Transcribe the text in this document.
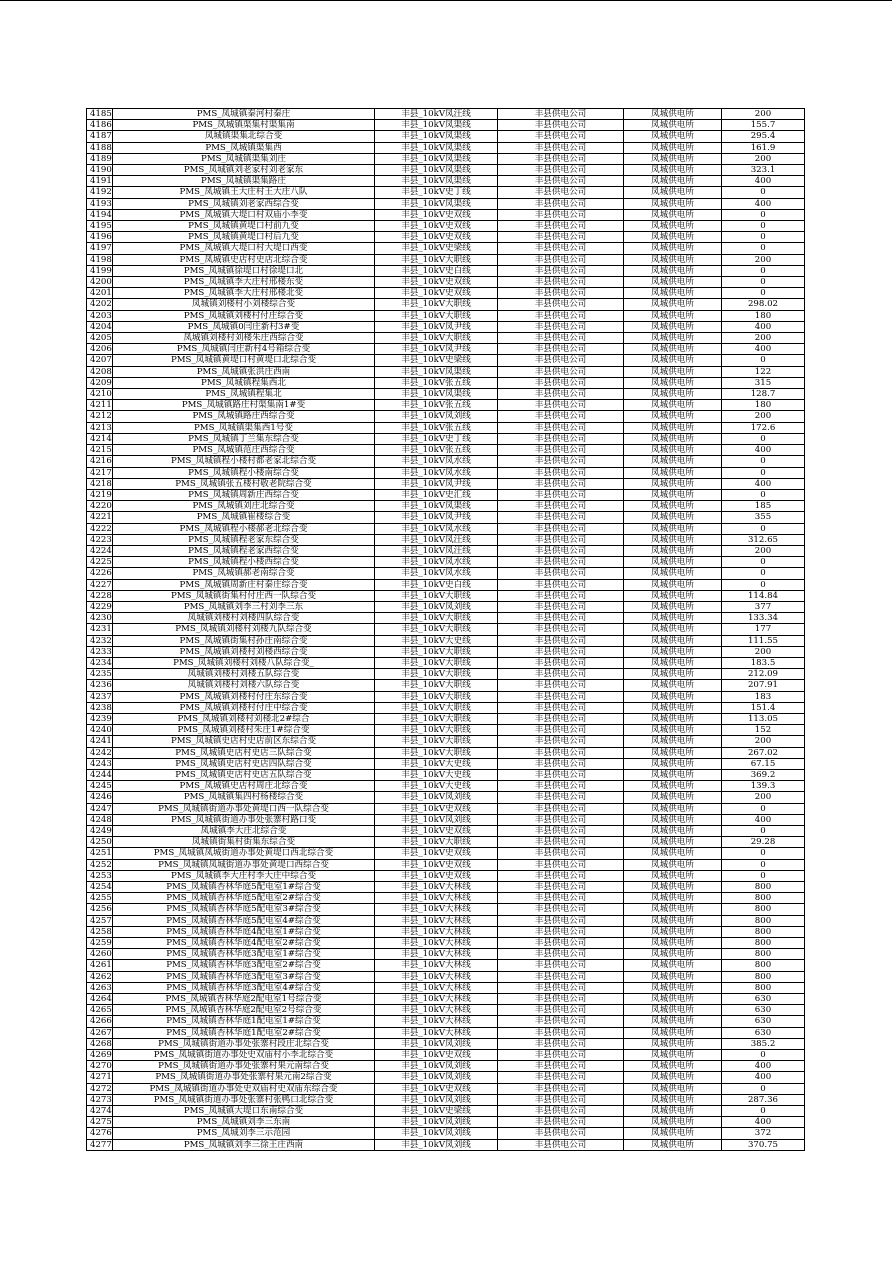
4185	PMS_凤城镇秦河村秦庄	丰县_10kV凤汪线	丰县供电公司	凤城供电所	200
4186	PMS_凤城镇渠集村渠集南	丰县_10kV凤渠线	丰县供电公司	凤城供电所	155.7
4187	凤城镇渠集北综合变	丰县_10kV凤渠线	丰县供电公司	凤城供电所	295.4
4188	PMS_凤城镇渠集西	丰县_10kV凤渠线	丰县供电公司	凤城供电所	161.9
4189	PMS_凤城镇渠集刘庄	丰县_10kV凤渠线	丰县供电公司	凤城供电所	200
4190	PMS_凤城镇刘老家村刘老家东	丰县_10kV凤渠线	丰县供电公司	凤城供电所	323.1
4191	PMS_凤城镇渠集路庄	丰县_10kV凤渠线	丰县供电公司	凤城供电所	400
4192	PMS_凤城镇王大庄村王大庄八队	丰县_10kV史丁线	丰县供电公司	凤城供电所	0
4193	PMS_凤城镇刘老家西综合变	丰县_10kV凤渠线	丰县供电公司	凤城供电所	400
4194	PMS_凤城镇大堤口村双庙小李变	丰县_10kV史双线	丰县供电公司	凤城供电所	0
4195	PMS_凤城镇黄堤口村前九变	丰县_10kV史双线	丰县供电公司	凤城供电所	0
4196	PMS_凤城镇黄堤口村后九变	丰县_10kV史双线	丰县供电公司	凤城供电所	0
4197	PMS_凤城镇大堤口村大堤口西变	丰县_10kV史梁线	丰县供电公司	凤城供电所	0
4198	PMS_凤城镇史店村史店北综合变	丰县_10kV大职线	丰县供电公司	凤城供电所	200
4199	PMS_凤城镇徐堤口村徐堤口北	丰县_10kV史白线	丰县供电公司	凤城供电所	0
4200	PMS_凤城镇李大庄村邢楼东变	丰县_10kV史双线	丰县供电公司	凤城供电所	0
4201	PMS_凤城镇李大庄村邢楼北变	丰县_10kV史双线	丰县供电公司	凤城供电所	0
4202	凤城镇刘楼村小刘楼综合变	丰县_10kV大职线	丰县供电公司	凤城供电所	298.02
4203	PMS_凤城镇刘楼村付庄综合变	丰县_10kV大职线	丰县供电公司	凤城供电所	180
4204	PMS_凤城镇0闫庄新村3#变	丰县_10kV凤尹线	丰县供电公司	凤城供电所	400
4205	凤城镇刘楼村刘楼朱庄西综合变	丰县_10kV大职线	丰县供电公司	凤城供电所	200
4206	PMS_凤城镇闫庄新村4号箱综合变	丰县_10kV凤尹线	丰县供电公司	凤城供电所	400
4207	PMS_凤城镇黄堤口村黄堤口北综合变	丰县_10kV史梁线	丰县供电公司	凤城供电所	0
4208	PMS_凤城镇张洪庄西南	丰县_10kV凤渠线	丰县供电公司	凤城供电所	122
4209	PMS_凤城镇程集西北	丰县_10kV张五线	丰县供电公司	凤城供电所	315
4210	PMS_凤城镇程集北	丰县_10kV凤渠线	丰县供电公司	凤城供电所	128.7
4211	PMS_凤城镇路庄村渠集南1#变	丰县_10kV张五线	丰县供电公司	凤城供电所	180
4212	PMS_凤城镇路庄西综合变	丰县_10kV凤刘线	丰县供电公司	凤城供电所	200
4213	PMS_凤城镇渠集西1号变	丰县_10kV张五线	丰县供电公司	凤城供电所	172.6
4214	PMS_凤城镇丁兰集东综合变	丰县_10kV史丁线	丰县供电公司	凤城供电所	0
4215	PMS_凤城镇范庄西综合变	丰县_10kV张五线	丰县供电公司	凤城供电所	400
4216	PMS_凤城镇程小楼村都老家北综合变	丰县_10kV凤水线	丰县供电公司	凤城供电所	0
4217	PMS_凤城镇程小楼南综合变	丰县_10kV凤水线	丰县供电公司	凤城供电所	0
4218	PMS_凤城镇张五楼村敬老院综合变	丰县_10kV凤尹线	丰县供电公司	凤城供电所	400
4219	PMS_凤城镇周新庄西综合变	丰县_10kV史汇线	丰县供电公司	凤城供电所	0
4220	PMS_凤城镇刘庄北综合变	丰县_10kV凤渠线	丰县供电公司	凤城供电所	185
4221	PMS_凤城镇崔楼综合变	丰县_10kV凤尹线	丰县供电公司	凤城供电所	355
4222	PMS_凤城镇程小楼郝老北综合变	丰县_10kV凤水线	丰县供电公司	凤城供电所	0
4223	PMS_凤城镇程老家东综合变	丰县_10kV凤汪线	丰县供电公司	凤城供电所	312.65
4224	PMS_凤城镇程老家西综合变	丰县_10kV凤汪线	丰县供电公司	凤城供电所	200
4225	PMS_凤城镇程小楼西综合变	丰县_10kV凤水线	丰县供电公司	凤城供电所	0
4226	PMS_凤城镇郝老南综合变	丰县_10kV凤水线	丰县供电公司	凤城供电所	0
4227	PMS_凤城镇周新庄村秦庄综合变	丰县_10kV史白线	丰县供电公司	凤城供电所	0
4228	PMS_凤城镇街集村付庄西一队综合变	丰县_10kV大职线	丰县供电公司	凤城供电所	114.84
4229	PMS_凤城镇刘李三村刘李三东	丰县_10kV凤刘线	丰县供电公司	凤城供电所	377
4230	凤城镇刘楼村刘楼四队综合变	丰县_10kV大职线	丰县供电公司	凤城供电所	133.34
4231	PMS_凤城镇刘楼村刘楼九队综合变	丰县_10kV大职线	丰县供电公司	凤城供电所	177
4232	PMS_凤城镇街集村孙庄南综合变	丰县_10kV大史线	丰县供电公司	凤城供电所	111.55
4233	PMS_凤城镇刘楼村刘楼西综合变	丰县_10kV大职线	丰县供电公司	凤城供电所	200
4234	PMS_凤城镇刘楼村刘楼八队综合变_	丰县_10kV大职线	丰县供电公司	凤城供电所	183.5
4235	凤城镇刘楼村刘楼五队综合变	丰县_10kV大职线	丰县供电公司	凤城供电所	212.09
4236	凤城镇刘楼村刘楼六队综合变	丰县_10kV大职线	丰县供电公司	凤城供电所	207.91
4237	PMS_凤城镇刘楼村付庄东综合变	丰县_10kV大职线	丰县供电公司	凤城供电所	183
4238	PMS_凤城镇刘楼村付庄中综合变	丰县_10kV大职线	丰县供电公司	凤城供电所	151.4
4239	PMS_凤城镇刘楼村刘楼北2#综合	丰县_10kV大职线	丰县供电公司	凤城供电所	113.05
4240	PMS_凤城镇刘楼村朱庄1#综合变	丰县_10kV大职线	丰县供电公司	凤城供电所	152
4241	PMS_凤城镇史店村史店前区东综合变	丰县_10kV大职线	丰县供电公司	凤城供电所	200
4242	PMS_凤城镇史店村史店三队综合变	丰县_10kV大职线	丰县供电公司	凤城供电所	267.02
4243	PMS_凤城镇史店村史店四队综合变	丰县_10kV大史线	丰县供电公司	凤城供电所	67.15
4244	PMS_凤城镇史店村史店五队综合变	丰县_10kV大史线	丰县供电公司	凤城供电所	369.2
4245	PMS_凤城镇史店村周庄北综合变	丰县_10kV大史线	丰县供电公司	凤城供电所	139.3
4246	PMS_凤城镇集四村杨楼综合变	丰县_10kV凤刘线	丰县供电公司	凤城供电所	200
4247	PMS_凤城镇街道办事处黄堤口西一队综合变	丰县_10kV史双线	丰县供电公司	凤城供电所	0
4248	PMS_凤城镇街道办事处张寨村路口变	丰县_10kV凤刘线	丰县供电公司	凤城供电所	400
4249	凤城镇李大庄北综合变	丰县_10kV史双线	丰县供电公司	凤城供电所	0
4250	凤城镇街集村街集东综合变	丰县_10kV大职线	丰县供电公司	凤城供电所	29.28
4251	PMS_凤城镇凤城街道办事处黄堤口西北综合变	丰县_10kV史双线	丰县供电公司	凤城供电所	0
4252	PMS_凤城镇凤城街道办事处黄堤口西综合变	丰县_10kV史双线	丰县供电公司	凤城供电所	0
4253	PMS_凤城镇李大庄村李大庄中综合变	丰县_10kV史双线	丰县供电公司	凤城供电所	0
4254	PMS_凤城镇杏林华庭5配电室1#综合变	丰县_10kV大林线	丰县供电公司	凤城供电所	800
4255	PMS_凤城镇杏林华庭5配电室2#综合变	丰县_10kV大林线	丰县供电公司	凤城供电所	800
4256	PMS_凤城镇杏林华庭5配电室3#综合变	丰县_10kV大林线	丰县供电公司	凤城供电所	800
4257	PMS_凤城镇杏林华庭5配电室4#综合变	丰县_10kV大林线	丰县供电公司	凤城供电所	800
4258	PMS_凤城镇杏林华庭4配电室1#综合变	丰县_10kV大林线	丰县供电公司	凤城供电所	800
4259	PMS_凤城镇杏林华庭4配电室2#综合变	丰县_10kV大林线	丰县供电公司	凤城供电所	800
4260	PMS_凤城镇杏林华庭3配电室1#综合变	丰县_10kV大林线	丰县供电公司	凤城供电所	800
4261	PMS_凤城镇杏林华庭3配电室2#综合变	丰县_10kV大林线	丰县供电公司	凤城供电所	800
4262	PMS_凤城镇杏林华庭3配电室3#综合变	丰县_10kV大林线	丰县供电公司	凤城供电所	800
4263	PMS_凤城镇杏林华庭3配电室4#综合变	丰县_10kV大林线	丰县供电公司	凤城供电所	800
4264	PMS_凤城镇杏林华庭2配电室1号综合变	丰县_10kV大林线	丰县供电公司	凤城供电所	630
4265	PMS_凤城镇杏林华庭2配电室2号综合变	丰县_10kV大林线	丰县供电公司	凤城供电所	630
4266	PMS_凤城镇杏林华庭1配电室1#综合变	丰县_10kV大林线	丰县供电公司	凤城供电所	630
4267	PMS_凤城镇杏林华庭1配电室2#综合变	丰县_10kV大林线	丰县供电公司	凤城供电所	630
4268	PMS_凤城镇街道办事处张寨村段庄北综合变	丰县_10kV凤刘线	丰县供电公司	凤城供电所	385.2
4269	PMS_凤城镇街道办事处史双庙村小李北综合变	丰县_10kV史双线	丰县供电公司	凤城供电所	0
4270	PMS_凤城镇街道办事处张寨村果元南综合变	丰县_10kV凤刘线	丰县供电公司	凤城供电所	400
4271	PMS_凤城镇街道办事处张寨村果元南2综合变	丰县_10kV凤刘线	丰县供电公司	凤城供电所	400
4272	PMS_凤城镇街道办事处史双庙村史双庙东综合变	丰县_10kV史双线	丰县供电公司	凤城供电所	0
4273	PMS_凤城镇街道办事处张寨村张鸭口北综合变	丰县_10kV凤刘线	丰县供电公司	凤城供电所	287.36
4274	PMS_凤城镇大堤口东南综合变	丰县_10kV史梁线	丰县供电公司	凤城供电所	0
4275	PMS_凤城镇刘李三东南	丰县_10kV凤刘线	丰县供电公司	凤城供电所	400
4276	PMS_凤城刘李三示范园	丰县_10kV凤刘线	丰县供电公司	凤城供电所	372
4277	PMS_凤城镇刘李三徐王庄西南	丰县_10kV凤刘线	丰县供电公司	凤城供电所	370.75
